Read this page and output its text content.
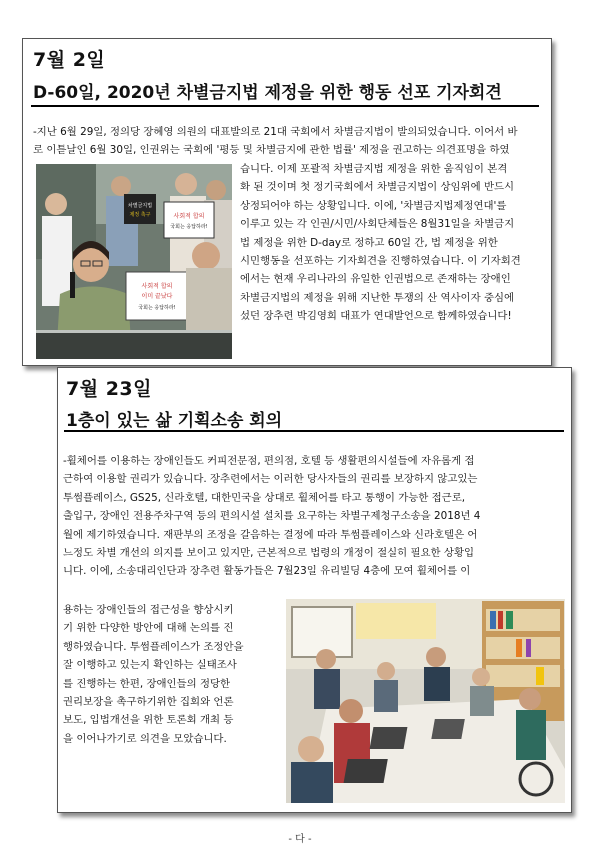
7월 2일
D-60일, 2020년 차별금지법 제정을 위한 행동 선포 기자회견
-지난 6월 29일, 정의당 장혜영 의원의 대표발의로 21대 국회에서 차별금지법이 발의되었습니다. 이어서 바
로 이튿날인 6월 30일, 인권위는 국회에 '평등 및 차별금지에 관한 법률' 제정을 권고하는 의견표명을 하였
사회적 합의
국회는 응답하라!
차별금지법
제정 촉구
사회적 합의
이미 끝났다
국회는 응답하라!
습니다. 이제 포괄적 차별금지법 제정을 위한 움직임이 본격
화 된 것이며 첫 정기국회에서 차별금지법이 상임위에 반드시
상정되어야 하는 상황입니다. 이에, '차별금지법제정연대'를
이루고 있는 각 인권/시민/사회단체들은 8월31일을 차별금지
법 제정을 위한 D-day로 정하고 60일 간, 법 제정을 위한
시민행동을 선포하는 기자회견을 진행하였습니다. 이 기자회견
에서는 현재 우리나라의 유일한 인권법으로 존재하는 장애인
차별금지법의 제정을 위해 지난한 투쟁의 산 역사이자 중심에
섰던 장추련 박김영희 대표가 연대발언으로 함께하였습니다!
7월 23일
1층이 있는 삶 기획소송 회의
-휠체어를 이용하는 장애인들도 커피전문점, 편의점, 호텔 등 생활편의시설들에 자유롭게 접
근하여 이용할 권리가 있습니다. 장추련에서는 이러한 당사자들의 권리를 보장하지 않고있는
투썸플레이스, GS25, 신라호텔, 대한민국을 상대로 휠체어를 타고 통행이 가능한 접근로,
출입구, 장애인 전용주차구역 등의 편의시설 설치를 요구하는 차별구제청구소송을 2018년 4
월에 제기하였습니다. 재판부의 조정을 갈음하는 결정에 따라 투썸플레이스와 신라호텔은 어
느정도 차별 개선의 의지를 보이고 있지만, 근본적으로 법령의 개정이 절실히 필요한 상황입
니다. 이에, 소송대리인단과 장추련 활동가들은 7월23일 유리빌딩 4층에 모여 휠체어를 이
용하는 장애인들의 접근성을 향상시키
기 위한 다양한 방안에 대해 논의를 진
행하였습니다. 투썸플레이스가 조정안을
잘 이행하고 있는지 확인하는 실태조사
를 진행하는 한편, 장애인들의 정당한
권리보장을 촉구하기위한 집회와 언론
보도, 입법개선을 위한 토론회 개최 등
을 이어나가기로 의견을 모았습니다.
- 다 -
